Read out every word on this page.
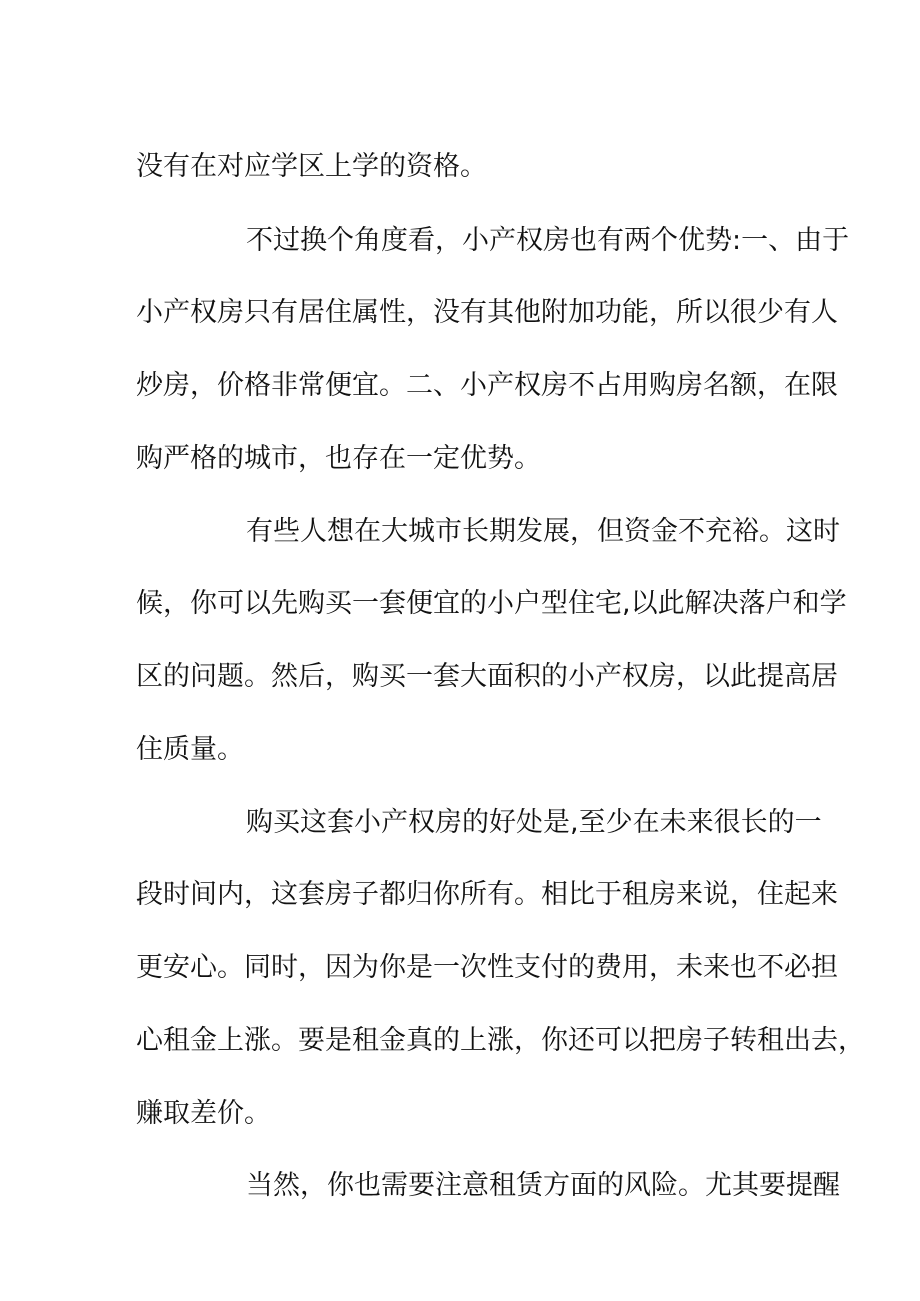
没有在对应学区上学的资格。

不过换个角度看，小产权房也有两个优势:一、由于

小产权房只有居住属性，没有其他附加功能，所以很少有人

炒房，价格非常便宜。二、小产权房不占用购房名额，在限

购严格的城市，也存在一定优势。

有些人想在大城市长期发展，但资金不充裕。这时

候，你可以先购买一套便宜的小户型住宅,以此解决落户和学

区的问题。然后，购买一套大面积的小产权房，以此提高居

住质量。

购买这套小产权房的好处是,至少在未来很长的一

段时间内，这套房子都归你所有。相比于租房来说，住起来

更安心。同时，因为你是一次性支付的费用，未来也不必担

心租金上涨。要是租金真的上涨，你还可以把房子转租出去，

赚取差价。

当然，你也需要注意租赁方面的风险。尤其要提醒
